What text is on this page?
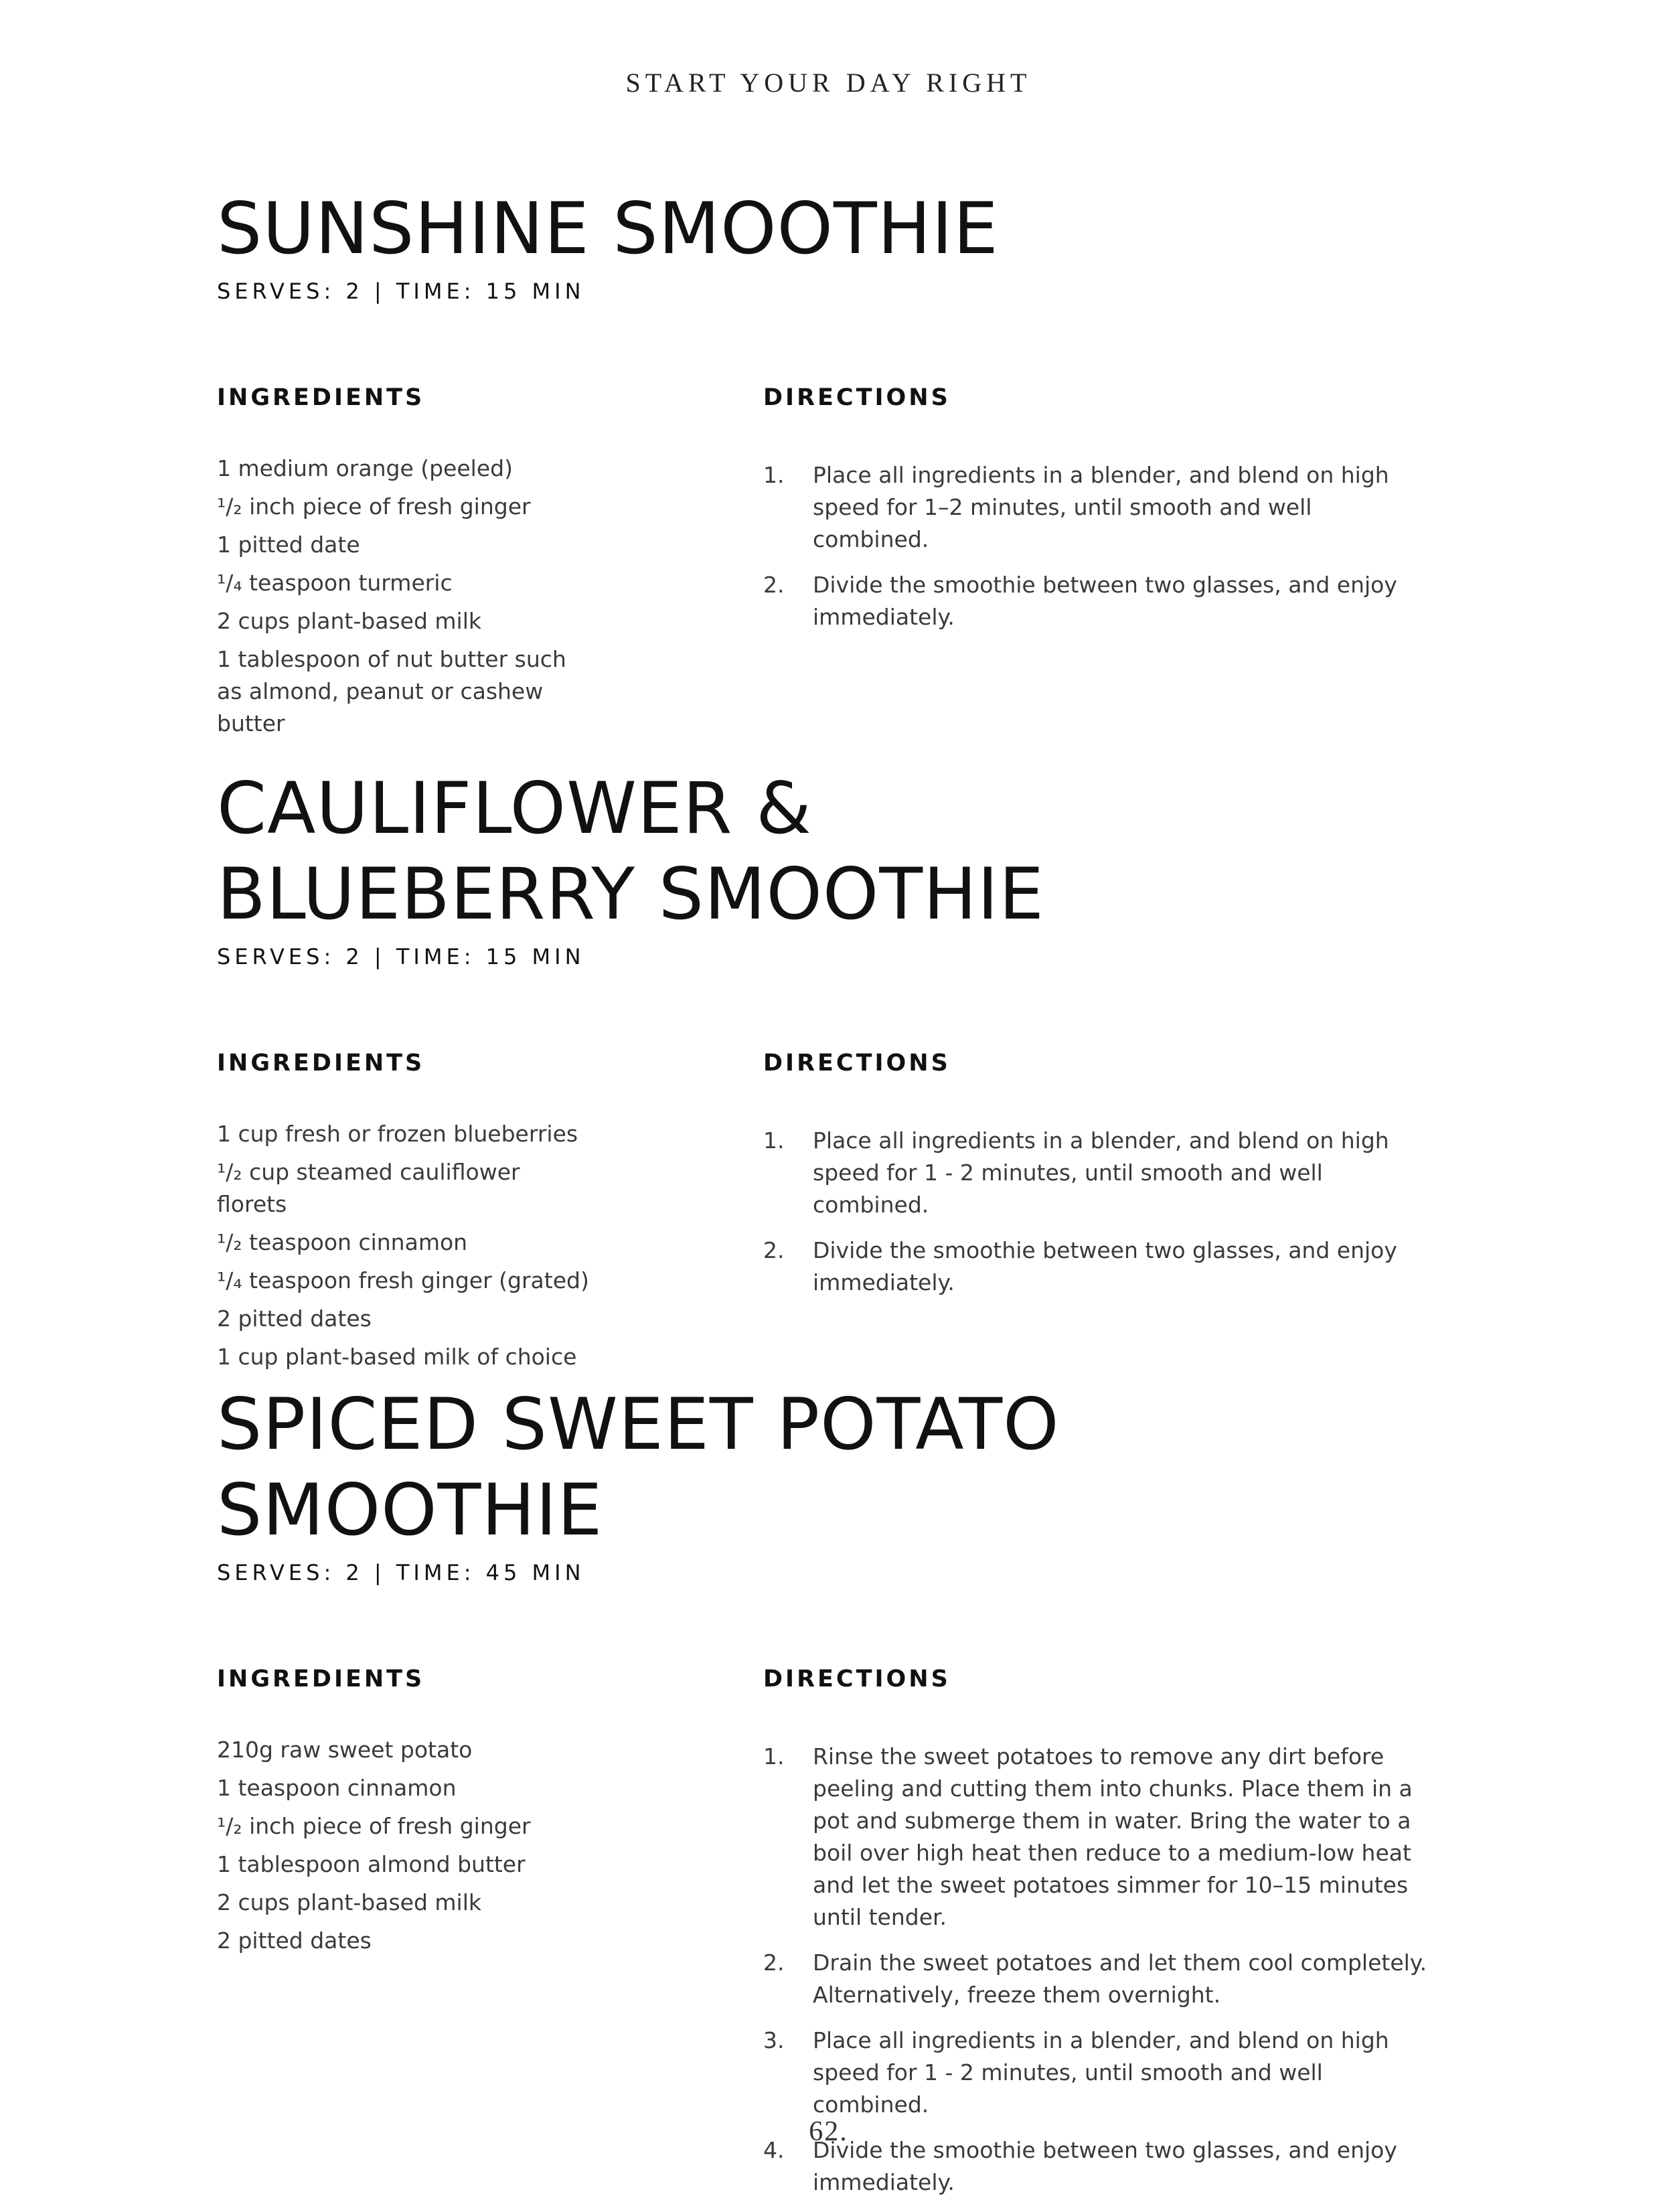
START YOUR DAY RIGHT
SUNSHINE SMOOTHIE
SERVES: 2 | TIME: 15 MIN
INGREDIENTS
1 medium orange (peeled)
¹/₂ inch piece of fresh ginger
1 pitted date
¹/₄ teaspoon turmeric
2 cups plant-based milk
1 tablespoon of nut butter such as almond, peanut or cashew butter
DIRECTIONS
1. Place all ingredients in a blender, and blend on high speed for 1–2 minutes, until smooth and well combined.
2. Divide the smoothie between two glasses, and enjoy immediately.
CAULIFLOWER &
BLUEBERRY SMOOTHIE
SERVES: 2 | TIME: 15 MIN
INGREDIENTS
1 cup fresh or frozen blueberries
¹/₂ cup steamed cauliflower florets
¹/₂ teaspoon cinnamon
¹/₄ teaspoon fresh ginger (grated)
2 pitted dates
1 cup plant-based milk of choice
DIRECTIONS
1. Place all ingredients in a blender, and blend on high speed for 1 - 2 minutes, until smooth and well combined.
2. Divide the smoothie between two glasses, and enjoy immediately.
SPICED SWEET POTATO SMOOTHIE
SERVES: 2 | TIME: 45 MIN
INGREDIENTS
210g raw sweet potato
1 teaspoon cinnamon
¹/₂ inch piece of fresh ginger
1 tablespoon almond butter
2 cups plant-based milk
2 pitted dates
DIRECTIONS
1. Rinse the sweet potatoes to remove any dirt before peeling and cutting them into chunks. Place them in a pot and submerge them in water. Bring the water to a boil over high heat then reduce to a medium-low heat and let the sweet potatoes simmer for 10–15 minutes until tender.
2. Drain the sweet potatoes and let them cool completely. Alternatively, freeze them overnight.
3. Place all ingredients in a blender, and blend on high speed for 1 - 2 minutes, until smooth and well combined.
4. Divide the smoothie between two glasses, and enjoy immediately.
62.
